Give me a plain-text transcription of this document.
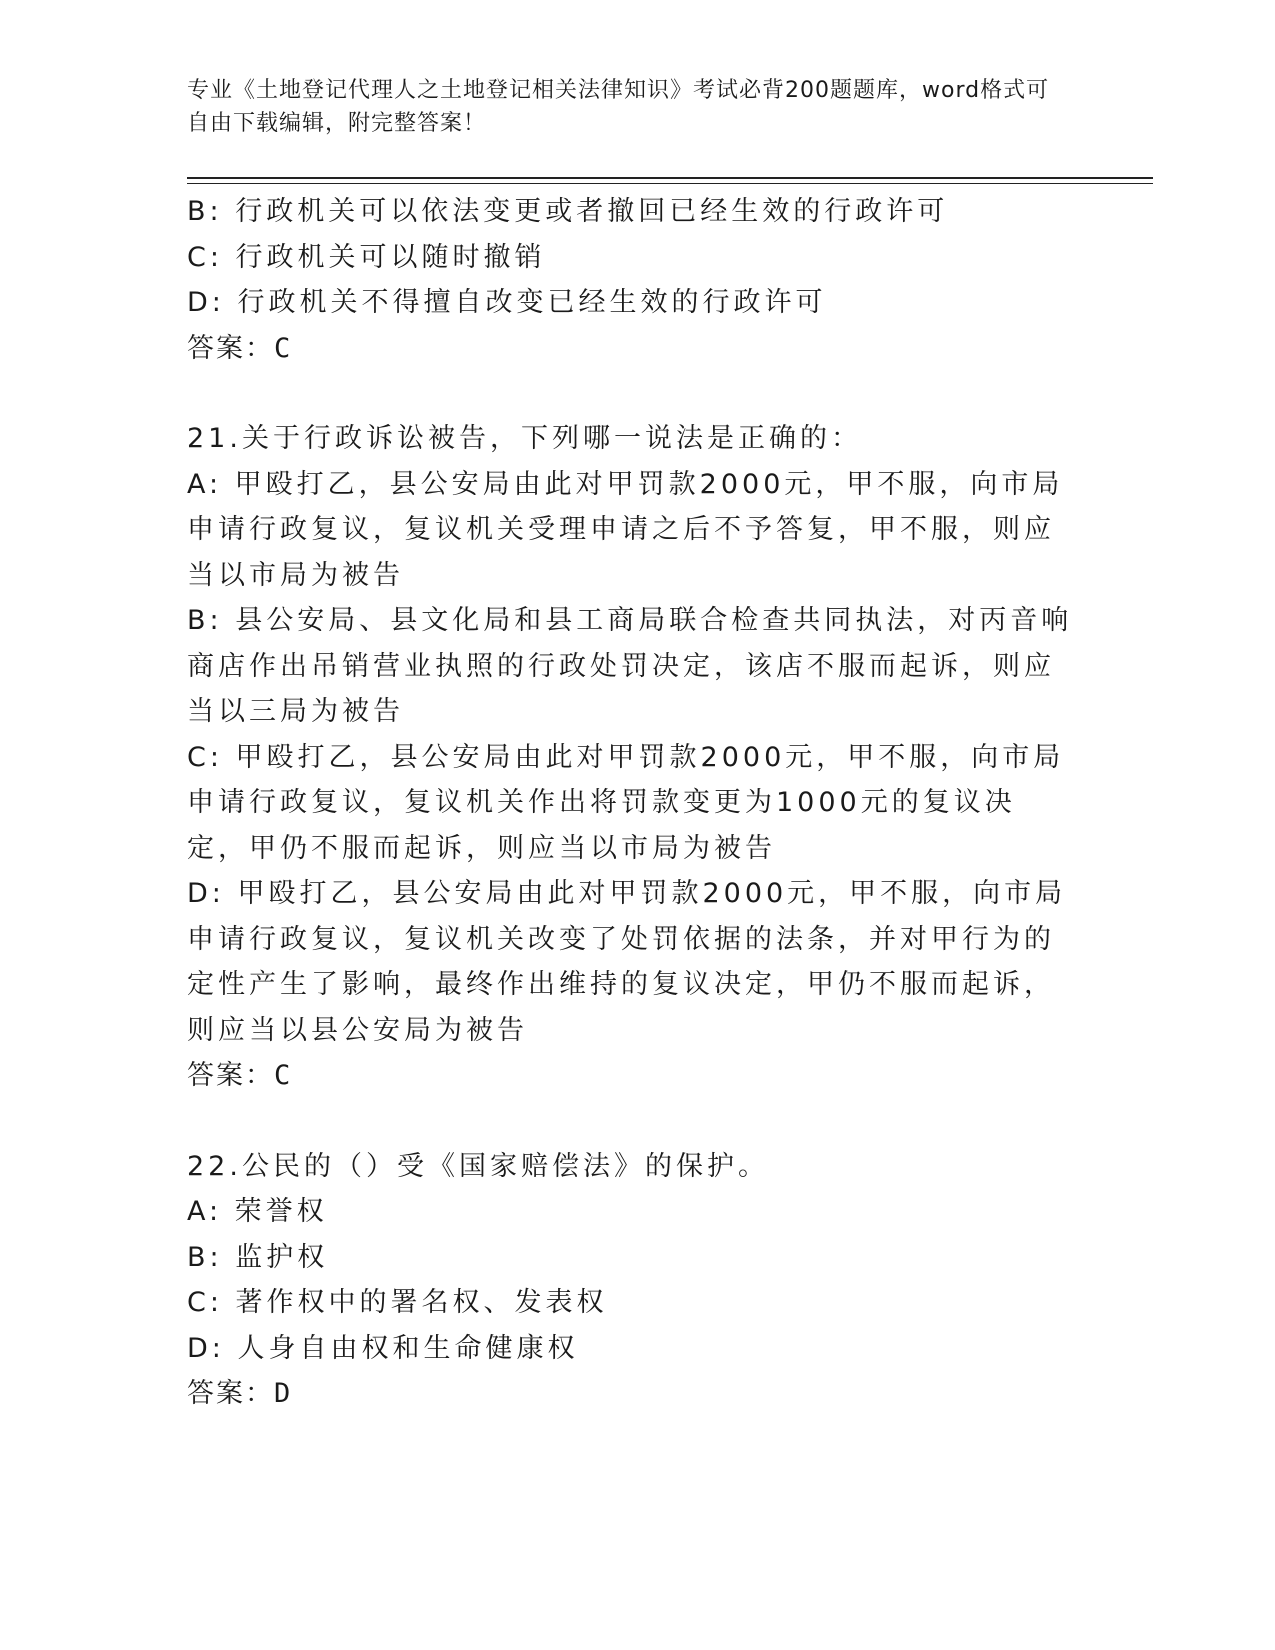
专业《土地登记代理人之土地登记相关法律知识》考试必背200题题库，word格式可自由下载编辑，附完整答案！

B: 行政机关可以依法变更或者撤回已经生效的行政许可

C: 行政机关可以随时撤销

D: 行政机关不得擅自改变已经生效的行政许可

答案：C

21.关于行政诉讼被告，下列哪一说法是正确的：

A: 甲殴打乙，县公安局由此对甲罚款2000元，甲不服，向市局申请行政复议，复议机关受理申请之后不予答复，甲不服，则应当以市局为被告

B: 县公安局、县文化局和县工商局联合检查共同执法，对丙音响商店作出吊销营业执照的行政处罚决定，该店不服而起诉，则应当以三局为被告

C: 甲殴打乙，县公安局由此对甲罚款2000元，甲不服，向市局申请行政复议，复议机关作出将罚款变更为1000元的复议决定，甲仍不服而起诉，则应当以市局为被告

D: 甲殴打乙，县公安局由此对甲罚款2000元，甲不服，向市局申请行政复议，复议机关改变了处罚依据的法条，并对甲行为的定性产生了影响，最终作出维持的复议决定，甲仍不服而起诉，则应当以县公安局为被告

答案：C

22.公民的（）受《国家赔偿法》的保护。

A: 荣誉权

B: 监护权

C: 著作权中的署名权、发表权

D: 人身自由权和生命健康权

答案：D
